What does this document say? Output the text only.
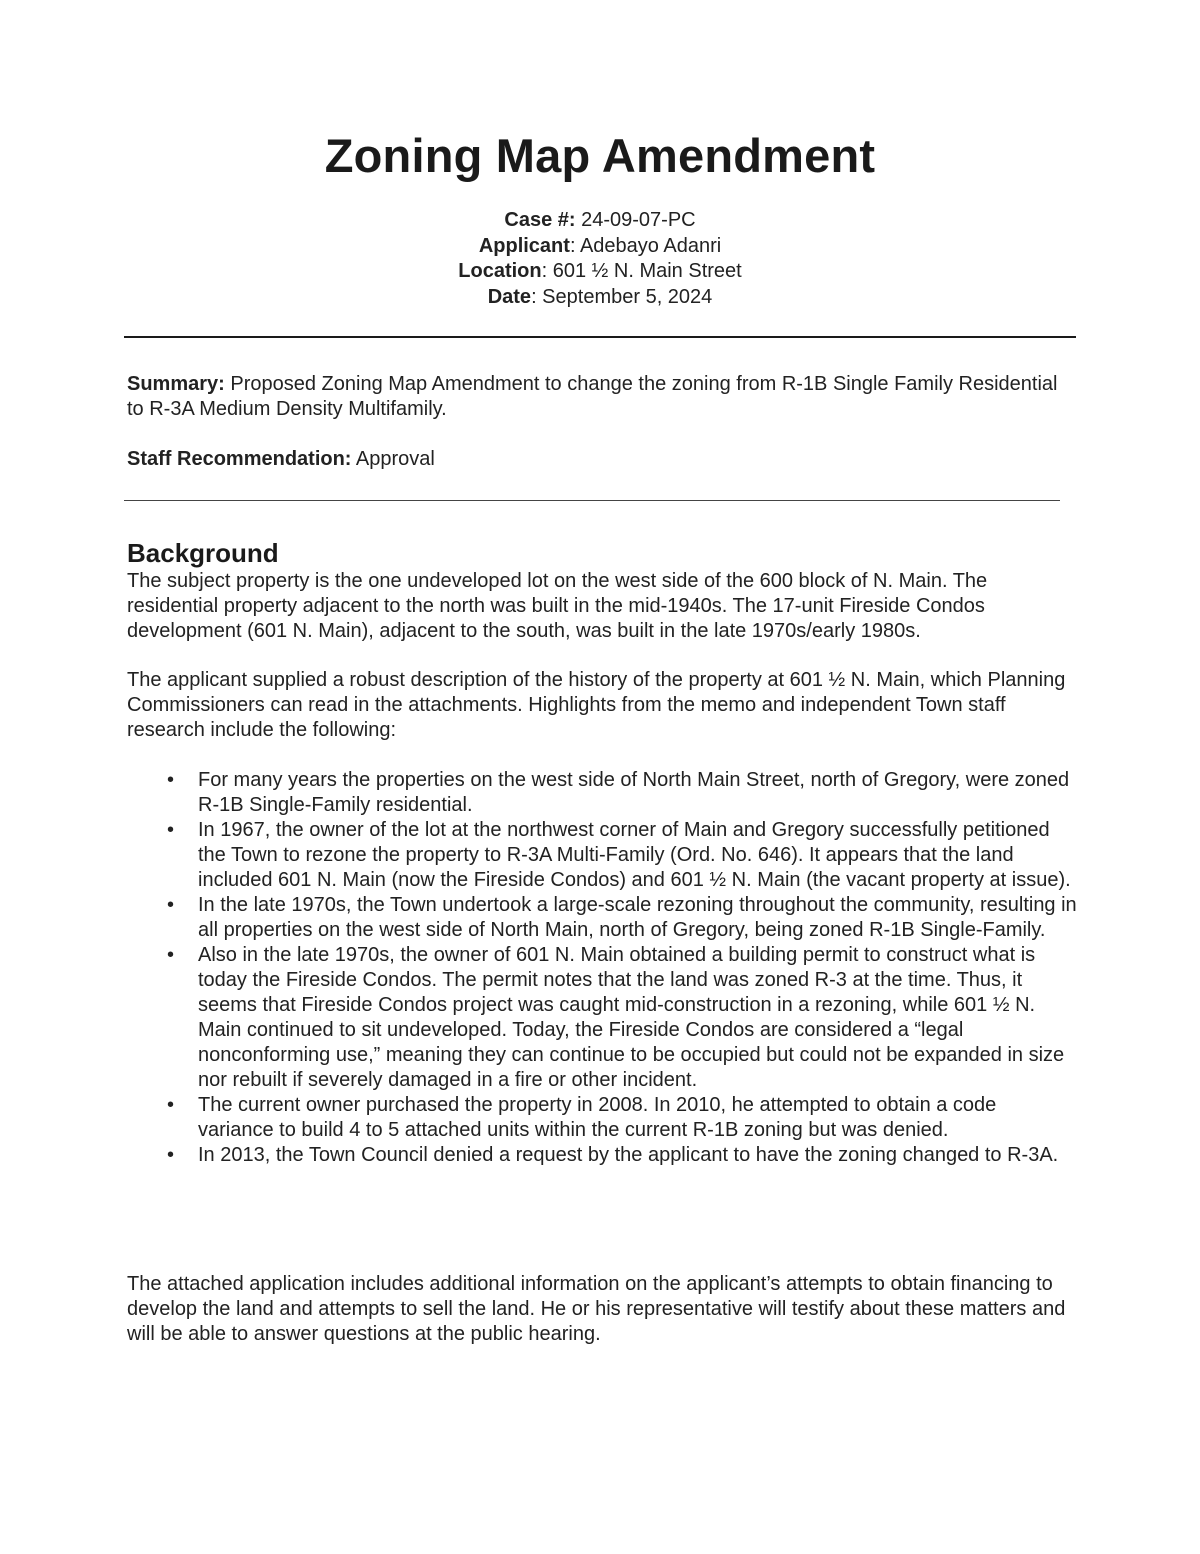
Zoning Map Amendment
Case #: 24-09-07-PC
Applicant: Adebayo Adanri
Location: 601 ½ N. Main Street
Date: September 5, 2024

Summary: Proposed Zoning Map Amendment to change the zoning from R-1B Single Family Residential to R-3A Medium Density Multifamily.

Staff Recommendation: Approval

Background

The subject property is the one undeveloped lot on the west side of the 600 block of N. Main. The residential property adjacent to the north was built in the mid-1940s. The 17-unit Fireside Condos development (601 N. Main), adjacent to the south, was built in the late 1970s/early 1980s.

The applicant supplied a robust description of the history of the property at 601 ½ N. Main, which Planning Commissioners can read in the attachments. Highlights from the memo and independent Town staff research include the following:

• For many years the properties on the west side of North Main Street, north of Gregory, were zoned R-1B Single-Family residential.
• In 1967, the owner of the lot at the northwest corner of Main and Gregory successfully petitioned the Town to rezone the property to R-3A Multi-Family (Ord. No. 646). It appears that the land included 601 N. Main (now the Fireside Condos) and 601 ½ N. Main (the vacant property at issue).
• In the late 1970s, the Town undertook a large-scale rezoning throughout the community, resulting in all properties on the west side of North Main, north of Gregory, being zoned R-1B Single-Family.
• Also in the late 1970s, the owner of 601 N. Main obtained a building permit to construct what is today the Fireside Condos. The permit notes that the land was zoned R-3 at the time. Thus, it seems that Fireside Condos project was caught mid-construction in a rezoning, while 601 ½ N. Main continued to sit undeveloped. Today, the Fireside Condos are considered a “legal nonconforming use,” meaning they can continue to be occupied but could not be expanded in size nor rebuilt if severely damaged in a fire or other incident.
• The current owner purchased the property in 2008. In 2010, he attempted to obtain a code variance to build 4 to 5 attached units within the current R-1B zoning but was denied.
• In 2013, the Town Council denied a request by the applicant to have the zoning changed to R-3A.

The attached application includes additional information on the applicant’s attempts to obtain financing to develop the land and attempts to sell the land. He or his representative will testify about these matters and will be able to answer questions at the public hearing.
